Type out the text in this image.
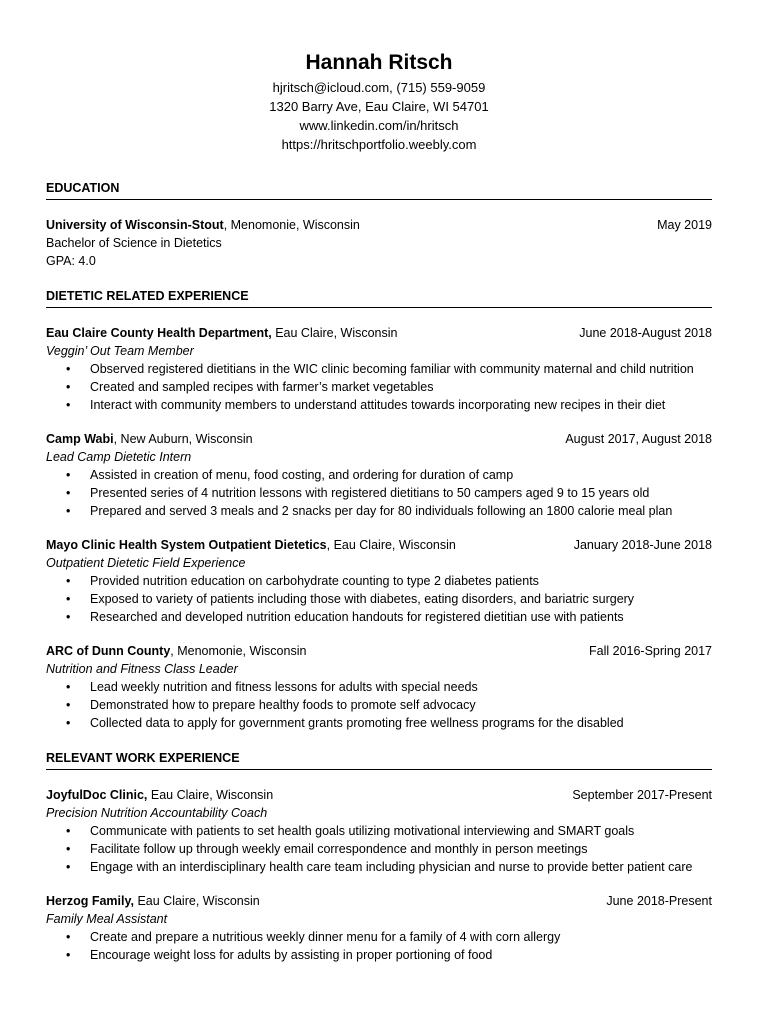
Hannah Ritsch
hjritsch@icloud.com, (715) 559-9059
1320 Barry Ave, Eau Claire, WI 54701
www.linkedin.com/in/hritsch
https://hritschportfolio.weebly.com
EDUCATION
University of Wisconsin-Stout, Menomonie, Wisconsin	May 2019
Bachelor of Science in Dietetics
GPA: 4.0
DIETETIC RELATED EXPERIENCE
Eau Claire County Health Department, Eau Claire, Wisconsin	June 2018-August 2018
Veggin’ Out Team Member
• Observed registered dietitians in the WIC clinic becoming familiar with community maternal and child nutrition
• Created and sampled recipes with farmer’s market vegetables
• Interact with community members to understand attitudes towards incorporating new recipes in their diet
Camp Wabi, New Auburn, Wisconsin	August 2017, August 2018
Lead Camp Dietetic Intern
• Assisted in creation of menu, food costing, and ordering for duration of camp
• Presented series of 4 nutrition lessons with registered dietitians to 50 campers aged 9 to 15 years old
• Prepared and served 3 meals and 2 snacks per day for 80 individuals following an 1800 calorie meal plan
Mayo Clinic Health System Outpatient Dietetics, Eau Claire, Wisconsin	January 2018-June 2018
Outpatient Dietetic Field Experience
• Provided nutrition education on carbohydrate counting to type 2 diabetes patients
• Exposed to variety of patients including those with diabetes, eating disorders, and bariatric surgery
• Researched and developed nutrition education handouts for registered dietitian use with patients
ARC of Dunn County, Menomonie, Wisconsin	Fall 2016-Spring 2017
Nutrition and Fitness Class Leader
• Lead weekly nutrition and fitness lessons for adults with special needs
• Demonstrated how to prepare healthy foods to promote self advocacy
• Collected data to apply for government grants promoting free wellness programs for the disabled
RELEVANT WORK EXPERIENCE
JoyfulDoc Clinic, Eau Claire, Wisconsin	September 2017-Present
Precision Nutrition Accountability Coach
• Communicate with patients to set health goals utilizing motivational interviewing and SMART goals
• Facilitate follow up through weekly email correspondence and monthly in person meetings
• Engage with an interdisciplinary health care team including physician and nurse to provide better patient care
Herzog Family, Eau Claire, Wisconsin	June 2018-Present
Family Meal Assistant
• Create and prepare a nutritious weekly dinner menu for a family of 4 with corn allergy
• Encourage weight loss for adults by assisting in proper portioning of food
